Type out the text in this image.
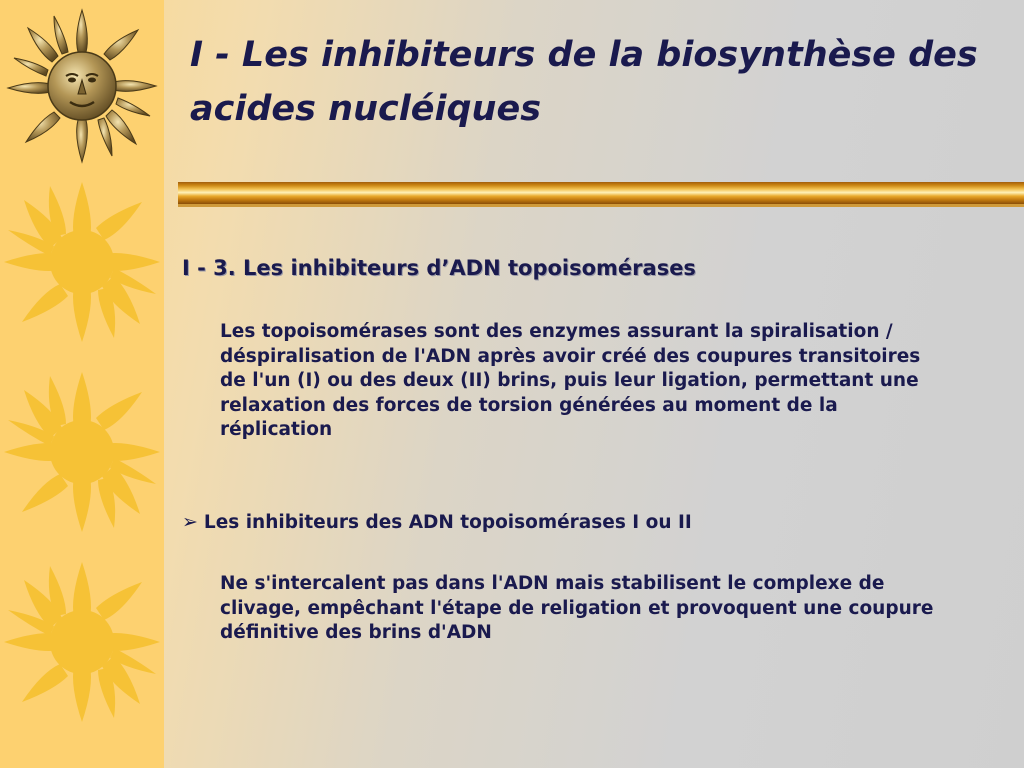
I - Les inhibiteurs de la biosynthèse des acides nucléiques
I - 3. Les inhibiteurs d’ADN topoisomérases

Les topoisomérases sont des enzymes assurant la spiralisation / déspiralisation de l'ADN après avoir créé des coupures transitoires de l'un (I) ou des deux (II) brins, puis leur ligation, permettant une relaxation des forces de torsion générées au moment de la réplication

➢ Les inhibiteurs des ADN topoisomérases I ou II

Ne s'intercalent pas dans l'ADN mais stabilisent le complexe de clivage, empêchant l'étape de religation et provoquent une coupure définitive des brins d'ADN
